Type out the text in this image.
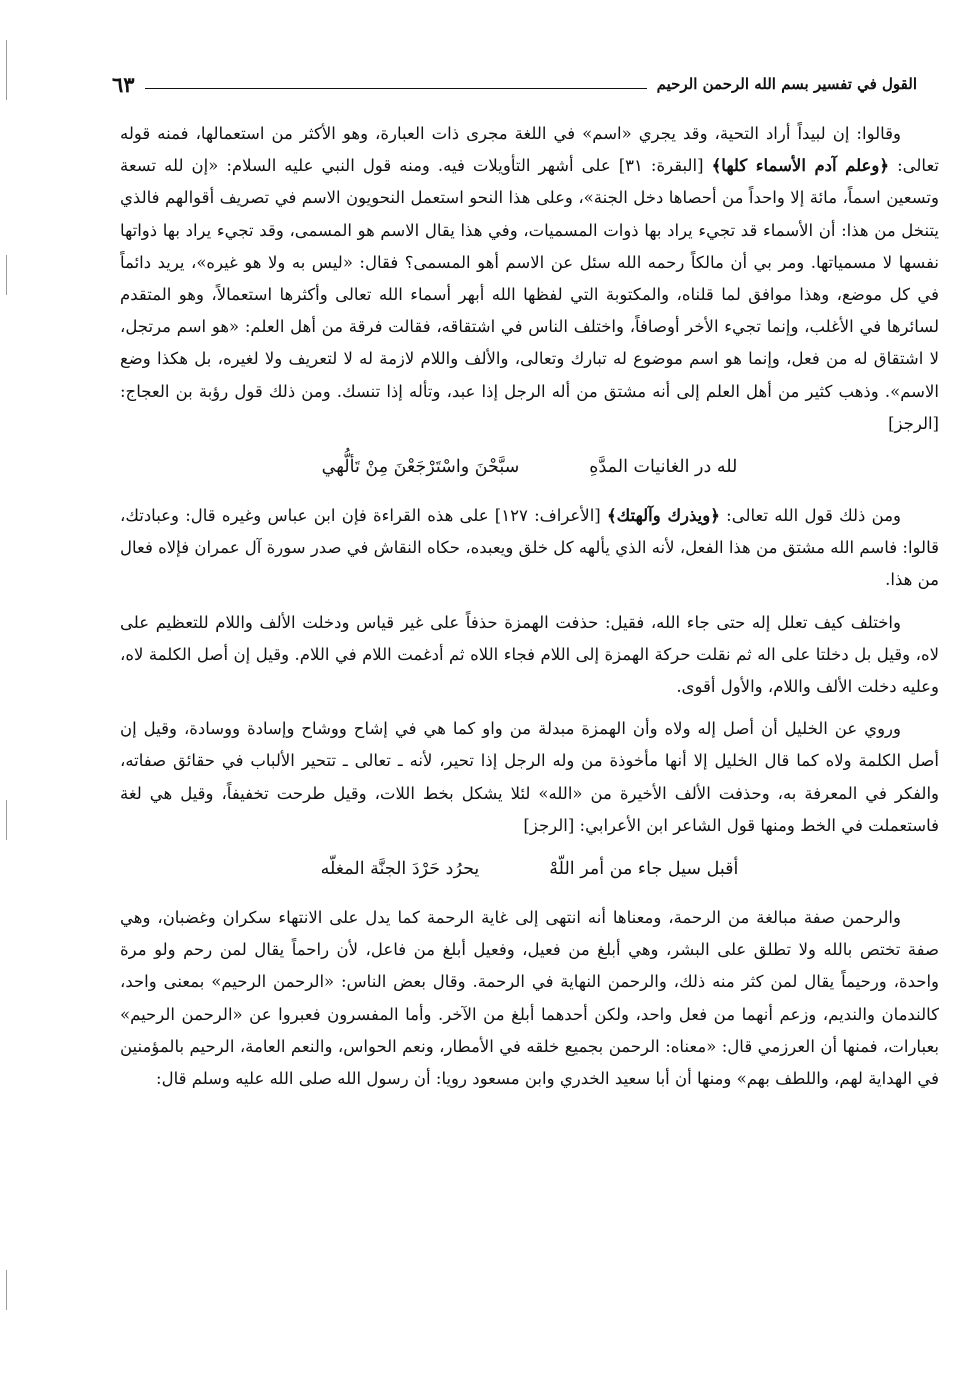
القول في تفسير بسم الله الرحمن الرحيم
٦٣

وقالوا: إن لبيداً أراد التحية، وقد يجري «اسم» في اللغة مجرى ذات العبارة، وهو الأكثر من استعمالها، فمنه قوله تعالى: ﴿وعلم آدم الأسماء كلها﴾ [البقرة: ٣١] على أشهر التأويلات فيه. ومنه قول النبي عليه السلام: «إن لله تسعة وتسعين اسماً، مائة إلا واحداً من أحصاها دخل الجنة»، وعلى هذا النحو استعمل النحويون الاسم في تصريف أقوالهم فالذي يتنخل من هذا: أن الأسماء قد تجيء يراد بها ذوات المسميات، وفي هذا يقال الاسم هو المسمى، وقد تجيء يراد بها ذواتها نفسها لا مسمياتها. ومر بي أن مالكاً رحمه الله سئل عن الاسم أهو المسمى؟ فقال: «ليس به ولا هو غيره»، يريد دائماً في كل موضع، وهذا موافق لما قلناه، والمكتوبة التي لفظها الله أبهر أسماء الله تعالى وأكثرها استعمالاً، وهو المتقدم لسائرها في الأغلب، وإنما تجيء الأخر أوصافاً، واختلف الناس في اشتقاقه، فقالت فرقة من أهل العلم: «هو اسم مرتجل، لا اشتقاق له من فعل، وإنما هو اسم موضوع له تبارك وتعالى، والألف واللام لازمة له لا لتعريف ولا لغيره، بل هكذا وضع الاسم». وذهب كثير من أهل العلم إلى أنه مشتق من أله الرجل إذا عبد، وتأله إذا تنسك. ومن ذلك قول رؤبة بن العجاج: [الرجز]

لله در الغانيات المدَّهِ
سبَّحْنَ واسْتَرْجَعْنَ مِنْ تَألُّهي

ومن ذلك قول الله تعالى: ﴿ويذرك وآلهتك﴾ [الأعراف: ١٢٧] على هذه القراءة فإن ابن عباس وغيره قال: وعبادتك، قالوا: فاسم الله مشتق من هذا الفعل، لأنه الذي يألهه كل خلق ويعبده، حكاه النقاش في صدر سورة آل عمران فإلاه فعال من هذا.

واختلف كيف تعلل إله حتى جاء الله، فقيل: حذفت الهمزة حذفاً على غير قياس ودخلت الألف واللام للتعظيم على لاه، وقيل بل دخلتا على اله ثم نقلت حركة الهمزة إلى اللام فجاء اللاه ثم أدغمت اللام في اللام. وقيل إن أصل الكلمة لاه، وعليه دخلت الألف واللام، والأول أقوى.

وروي عن الخليل أن أصل إله ولاه وأن الهمزة مبدلة من واو كما هي في إشاح ووشاح وإسادة ووسادة، وقيل إن أصل الكلمة ولاه كما قال الخليل إلا أنها مأخوذة من وله الرجل إذا تحير، لأنه ـ تعالى ـ تتحير الألباب في حقائق صفاته، والفكر في المعرفة به، وحذفت الألف الأخيرة من «الله» لئلا يشكل بخط اللات، وقيل طرحت تخفيفاً، وقيل هي لغة فاستعملت في الخط ومنها قول الشاعر ابن الأعرابي: [الرجز]

أقبل سيل جاء من أمر اللّهْ
يحرُد حَرْدَ الجنَّة المغلّه

والرحمن صفة مبالغة من الرحمة، ومعناها أنه انتهى إلى غاية الرحمة كما يدل على الانتهاء سكران وغضبان، وهي صفة تختص بالله ولا تطلق على البشر، وهي أبلغ من فعيل، وفعيل أبلغ من فاعل، لأن راحماً يقال لمن رحم ولو مرة واحدة، ورحيماً يقال لمن كثر منه ذلك، والرحمن النهاية في الرحمة. وقال بعض الناس: «الرحمن الرحيم» بمعنى واحد، كالندمان والنديم، وزعم أنهما من فعل واحد، ولكن أحدهما أبلغ من الآخر. وأما المفسرون فعبروا عن «الرحمن الرحيم» بعبارات، فمنها أن العرزمي قال: «معناه: الرحمن بجميع خلقه في الأمطار، ونعم الحواس، والنعم العامة، الرحيم بالمؤمنين في الهداية لهم، واللطف بهم» ومنها أن أبا سعيد الخدري وابن مسعود رويا: أن رسول الله صلى الله عليه وسلم قال:
